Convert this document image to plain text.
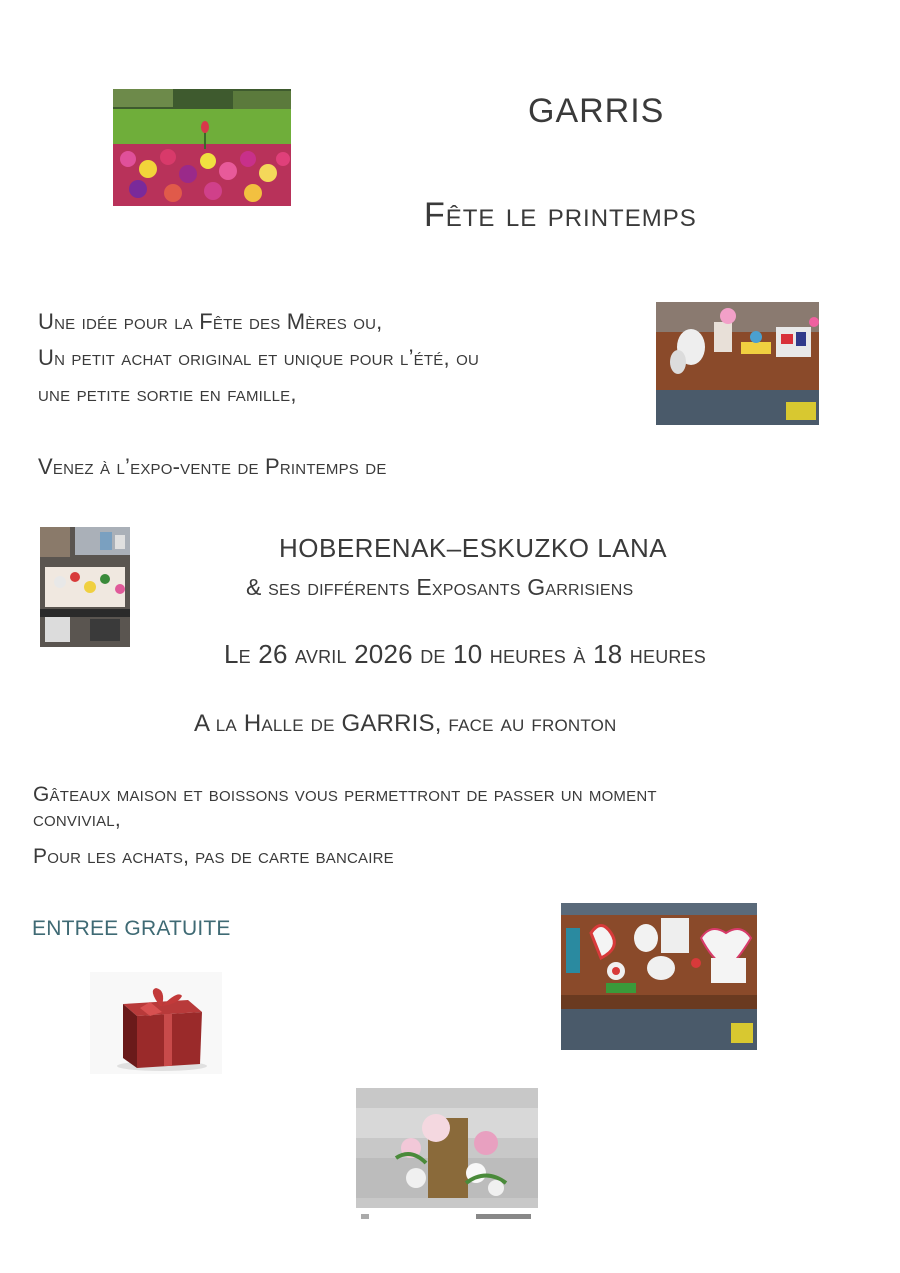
GARRIS
Fête le printemps
Une idée pour la Fête des Mères ou,
Un petit achat original et unique pour l’été, ou
une petite sortie en famille,
Venez à l’expo-vente de Printemps de
HOBERENAK–ESKUZKO LANA
& ses différents Exposants Garrisiens
Le 26 avril 2026 de 10 heures à 18 heures
A la Halle de GARRIS, face au fronton
Gâteaux maison et boissons vous permettront de passer un moment
convivial,
Pour les achats, pas de carte bancaire
ENTREE GRATUITE
